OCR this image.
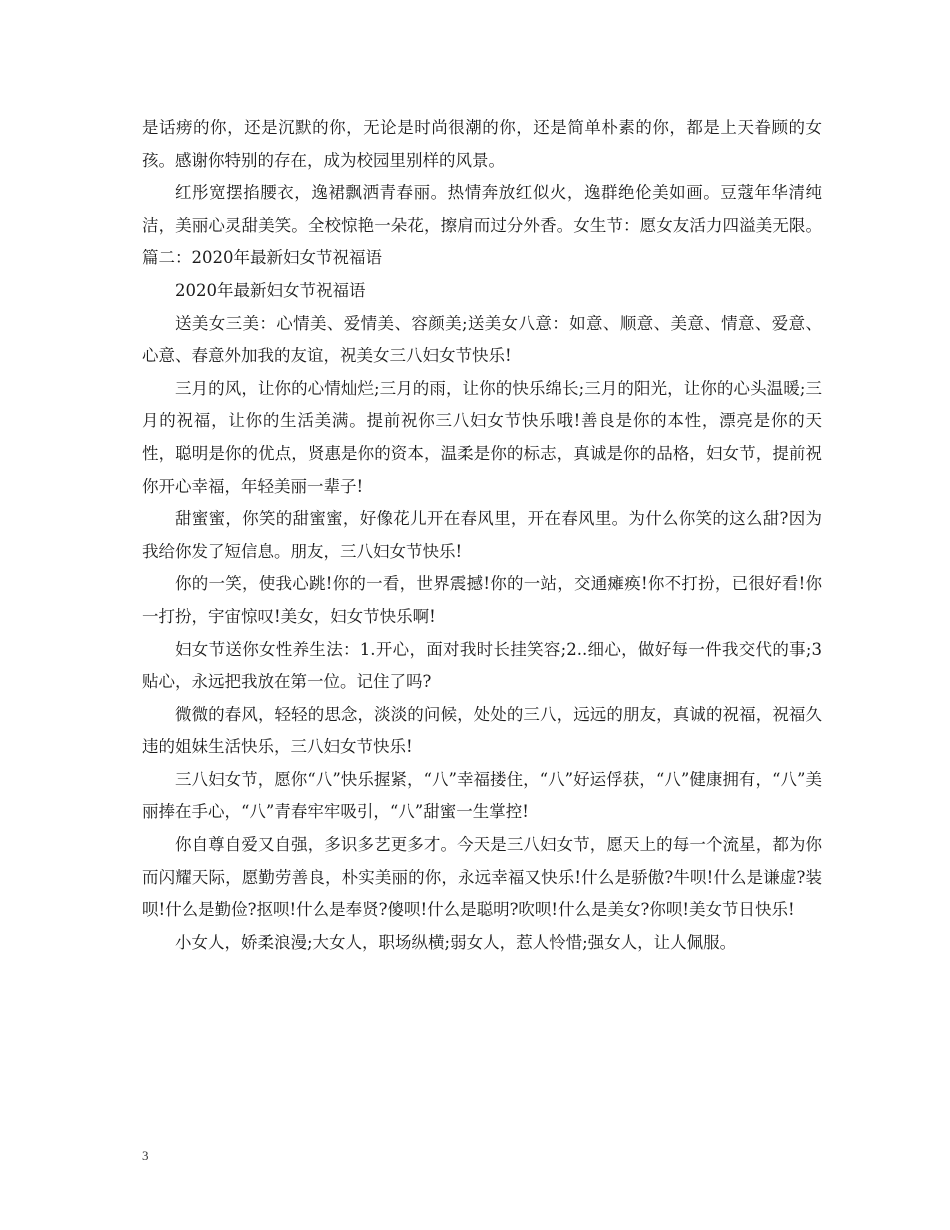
是话痨的你，还是沉默的你，无论是时尚很潮的你，还是简单朴素的你，都是上天眷顾的女孩。感谢你特别的存在，成为校园里别样的风景。

红彤宽摆掐腰衣，逸裙飘洒青春丽。热情奔放红似火，逸群绝伦美如画。豆蔻年华清纯洁，美丽心灵甜美笑。全校惊艳一朵花，擦肩而过分外香。女生节：愿女友活力四溢美无限。篇二：2020年最新妇女节祝福语

2020年最新妇女节祝福语

送美女三美：心情美、爱情美、容颜美;送美女八意：如意、顺意、美意、情意、爱意、心意、春意外加我的友谊，祝美女三八妇女节快乐!

三月的风，让你的心情灿烂;三月的雨，让你的快乐绵长;三月的阳光，让你的心头温暖;三月的祝福，让你的生活美满。提前祝你三八妇女节快乐哦!善良是你的本性，漂亮是你的天性，聪明是你的优点，贤惠是你的资本，温柔是你的标志，真诚是你的品格，妇女节，提前祝你开心幸福，年轻美丽一辈子!

甜蜜蜜，你笑的甜蜜蜜，好像花儿开在春风里，开在春风里。为什么你笑的这么甜?因为我给你发了短信息。朋友，三八妇女节快乐!

你的一笑，使我心跳!你的一看，世界震撼!你的一站，交通瘫痪!你不打扮，已很好看!你一打扮，宇宙惊叹!美女，妇女节快乐啊!

妇女节送你女性养生法：1.开心，面对我时长挂笑容;2..细心，做好每一件我交代的事;3贴心，永远把我放在第一位。记住了吗?

微微的春风，轻轻的思念，淡淡的问候，处处的三八，远远的朋友，真诚的祝福，祝福久违的姐妹生活快乐，三八妇女节快乐!

三八妇女节，愿你“八”快乐握紧，“八”幸福搂住，“八”好运俘获，“八”健康拥有，“八”美丽捧在手心，“八”青春牢牢吸引，“八”甜蜜一生掌控!

你自尊自爱又自强，多识多艺更多才。今天是三八妇女节，愿天上的每一个流星，都为你而闪耀天际，愿勤劳善良，朴实美丽的你，永远幸福又快乐!什么是骄傲?牛呗!什么是谦虚?装呗!什么是勤俭?抠呗!什么是奉贤?傻呗!什么是聪明?吹呗!什么是美女?你呗!美女节日快乐!

小女人，娇柔浪漫;大女人，职场纵横;弱女人，惹人怜惜;强女人，让人佩服。

3
